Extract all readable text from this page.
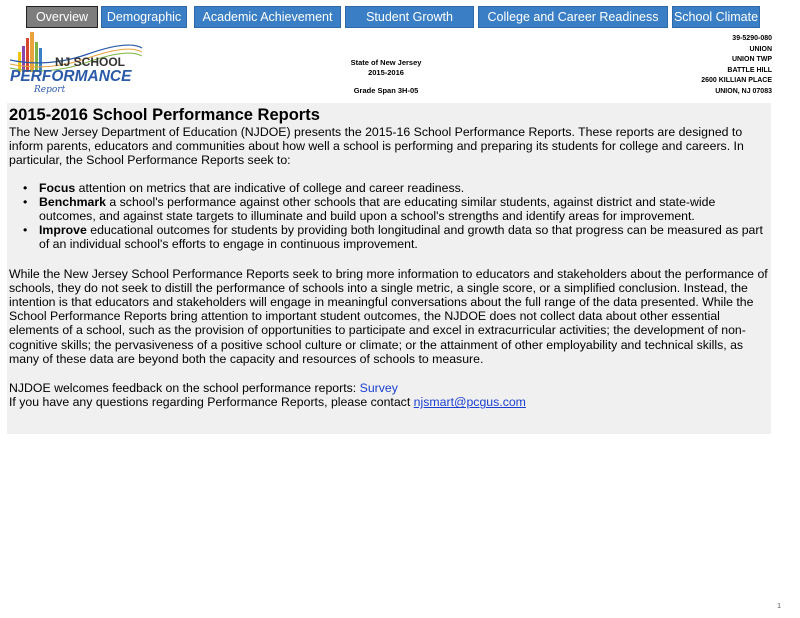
Overview	Demographic	Academic Achievement	Student Growth	College and Career Readiness	School Climate
NJ SCHOOL
PERFORMANCE
Report
State of New Jersey
2015-2016
Grade Span 3H-05
39-5290-080
UNION
UNION TWP
BATTLE HILL
2600 KILLIAN PLACE
UNION, NJ 07083
2015-2016 School Performance Reports

The New Jersey Department of Education (NJDOE) presents the 2015-16 School Performance Reports. These reports are designed to inform parents, educators and communities about how well a school is performing and preparing its students for college and careers. In particular, the School Performance Reports seek to:

• Focus attention on metrics that are indicative of college and career readiness.
• Benchmark a school's performance against other schools that are educating similar students, against district and state-wide outcomes, and against state targets to illuminate and build upon a school's strengths and identify areas for improvement.
• Improve educational outcomes for students by providing both longitudinal and growth data so that progress can be measured as part of an individual school's efforts to engage in continuous improvement.

While the New Jersey School Performance Reports seek to bring more information to educators and stakeholders about the performance of schools, they do not seek to distill the performance of schools into a single metric, a single score, or a simplified conclusion. Instead, the intention is that educators and stakeholders will engage in meaningful conversations about the full range of the data presented. While the School Performance Reports bring attention to important student outcomes, the NJDOE does not collect data about other essential elements of a school, such as the provision of opportunities to participate and excel in extracurricular activities; the development of non-cognitive skills; the pervasiveness of a positive school culture or climate; or the attainment of other employability and technical skills, as many of these data are beyond both the capacity and resources of schools to measure.

NJDOE welcomes feedback on the school performance reports: Survey

If you have any questions regarding Performance Reports, please contact njsmart@pcgus.com

1
